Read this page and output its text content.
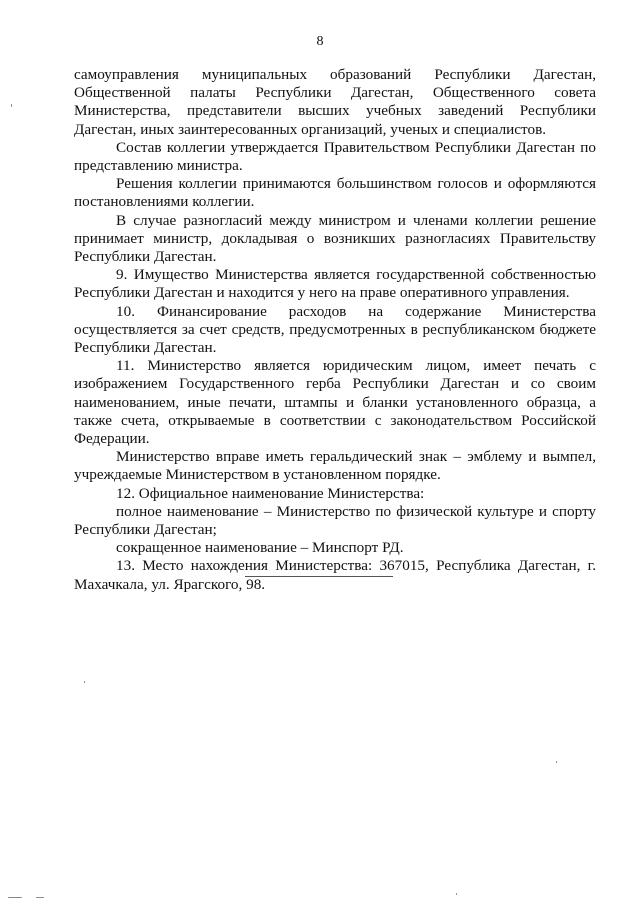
8

самоуправления муниципальных образований Республики Дагестан, Общественной палаты Республики Дагестан, Общественного совета Министерства, представители высших учебных заведений Республики Дагестан, иных заинтересованных организаций, ученых и специалистов.

Состав коллегии утверждается Правительством Республики Дагестан по представлению министра.

Решения коллегии принимаются большинством голосов и оформляются постановлениями коллегии.

В случае разногласий между министром и членами коллегии решение принимает министр, докладывая о возникших разногласиях Правительству Республики Дагестан.

9. Имущество Министерства является государственной собственностью Республики Дагестан и находится у него на праве оперативного управления.

10. Финансирование расходов на содержание Министерства осуществляется за счет средств, предусмотренных в республиканском бюджете Республики Дагестан.

11. Министерство является юридическим лицом, имеет печать с изображением Государственного герба Республики Дагестан и со своим наименованием, иные печати, штампы и бланки установленного образца, а также счета, открываемые в соответствии с законодательством Российской Федерации.

Министерство вправе иметь геральдический знак – эмблему и вымпел, учреждаемые Министерством в установленном порядке.

12. Официальное наименование Министерства:

полное наименование – Министерство по физической культуре и спорту Республики Дагестан;

сокращенное наименование – Минспорт РД.

13. Место нахождения Министерства: 367015, Республика Дагестан, г. Махачкала, ул. Ярагского, 98.
